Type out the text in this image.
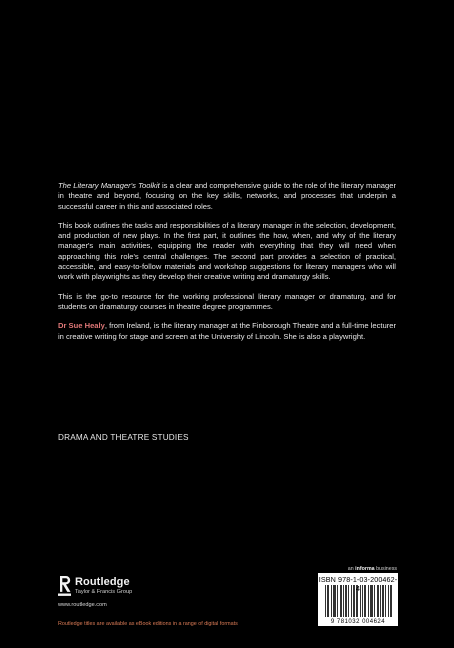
The Literary Manager's Toolkit is a clear and comprehensive guide to the role of the literary manager in theatre and beyond, focusing on the key skills, networks, and processes that underpin a successful career in this and associated roles.

This book outlines the tasks and responsibilities of a literary manager in the selection, development, and production of new plays. In the first part, it outlines the how, when, and why of the literary manager's main activities, equipping the reader with everything that they will need when approaching this role's central challenges. The second part provides a selection of practical, accessible, and easy-to-follow materials and workshop suggestions for literary managers who will work with playwrights as they develop their creative writing and dramaturgy skills.

This is the go-to resource for the working professional literary manager or dramaturg, and for students on dramaturgy courses in theatre degree programmes.

Dr Sue Healy, from Ireland, is the literary manager at the Finborough Theatre and a full-time lecturer in creative writing for stage and screen at the University of Lincoln. She is also a playwright.

DRAMA AND THEATRE STUDIES
Routledge
Taylor & Francis Group
www.routledge.com
Routledge titles are available as eBook editions in a range of digital formats
an informa business
ISBN 978-1-03-200462-4
9 781032 004624
